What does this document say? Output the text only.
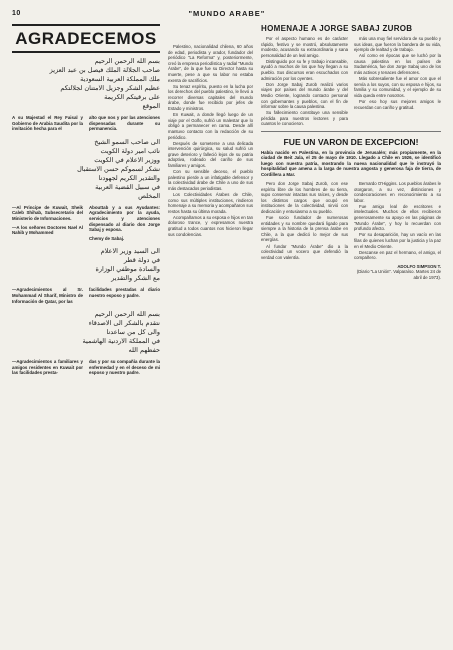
10	"MUNDO ARABE"
AGRADECEMOS

بسم الله الرحمن الرحيم

صاحب الجلالة الملك فيصل بن عبد العزيز

ملك المملكة العربية السعودية

عظيم الشكر وجزيل الامتنان لجلالتكم

على برقيتكم الكريمة

الموقع

A su Majestad el Rey Faisal y Gobierno de Arabia Saudita por la invitación hecha para el
alto que nos y por las atenciones dispensadas durante su permanencia.

الى صاحب السمو الشيخ

نائب امير دولة الكويت

ووزير الاعلام في الكويت

نشكر لسموكم حسن الاستقبال

والتقدير الكريم لجهودنا

في سبيل القضية العربية

المخلص

—Al Principe de Kuwait, Sheik Caleb Shihab, Subsecretario del Ministerio de Informaciones.
—A los señores Doctores Nael Al Nahib y Mohammed
Abouttab y a sus Ayudantes: Agradecimiento por la ayuda, servicios y atenciones dispensado al diario don Jorge Sabaj y esposa.
Chemy de Sabaj.

الى السيد وزير الاعلام

في دولة قطر

والسادة موظفي الوزارة

مع الشكر والتقدير

—Agradecimientos al Sr. Mohammad Al Sharif, Ministro de Información de Qatar, por las
facilidades prestadas al diario nuestro esposo y padre.

بسم الله الرحمن الرحيم

نتقدم بالشكر الى الاصدقاء

والى كل من ساعدنا

في المملكة الاردنية الهاشمية

حفظهم الله

—Agradecimientos a familiares y amigos residentes en Kuwait por las facilidades presta-
das y por su compañía durante la enfermedad y en el deceso de mi esposo y nuestro padre.

Palestino, nacionalidad chilena, 60 años de edad, periodista y orador, fundador del periódico "La Reforma" y, posteriormente, creó la empresa periodística y radial "Mundo Árabe", de la que fue su Director hasta su muerte, pese a que su labor no estaba exenta de sacrificios.

Su tenaz espíritu, puesto en la lucha por los derechos del pueblo palestino, le llevó a recorrer diversas capitales del mundo árabe, donde fue recibido por jefes de Estado y ministros.

En Kuwait, a donde llegó luego de un viaje por el Golfo, sufrió un malestar que lo obligó a permanecer en cama. Desde allí mantuvo contacto con la redacción de su periódico.

Después de someterse a una delicada intervención quirúrgica, su salud sufrió un grave deterioro y falleció lejos de su patria adoptiva, rodeado del cariño de sus familiares y amigos.

Con su sensible deceso, el pueblo palestino pierde a un infatigable defensor y la colectividad árabe de Chile a uno de sus más destacados periodistas.

Los Colectividades Árabes de Chile, como sus múltiples instituciones, rindieron homenaje a su memoria y acompañaron sus restos hasta su última morada.

Acompañamos a su esposa e hijos en tan doloroso trance, y expresamos nuestra gratitud a todos cuantos nos hicieron llegar sus condolencias.

HOMENAJE A JORGE SABAJ ZUROB

Por el aspecto humano es de carácter rápido, festivo y se mostró, absolutamente modesto, acusando su extraordinaria y sana personalidad de un leal amigo.

Distinguido por su fe y trabajo incansable, ayudó a muchos de los que hoy llegan a su pueblo. Sus discursos eran escuchados con admiración por los oyentes.

Don Jorge Sabaj Zurob realizó varios viajes por países del mundo árabe y del Medio Oriente, logrando contacto personal con gobernantes y pueblos, con el fin de informar sobre la causa palestina.

Su fallecimiento constituye una sensible pérdida para nuestros lectores y para cuantos le conocieron.

más una muy fiel servidora de su pueblo y sus ideas, que fueron la bandera de su vida, ejemplo de lealtad y de trabajo.

Así como en épocas que se luchó por la causa palestina en los países de Sudamérica, fue don Jorge Sabaj uno de los más activos y tenaces defensores.

Más sobresaliente fue el amor con que el servía a los suyos, con su esposa e hijos, su familia y su comunidad, y el ejemplo de su vida queda entre nosotros.

Por eso hoy sus mejores amigos le recuerdan con cariño y gratitud.

FUE UN VARON DE EXCEPCION!
Había nacido en Palestina, en la provincia de Jerusalén; más propiamente, en la ciudad de Beit Jala, el 25 de mayo de 1910. Llegado a Chile en 1926, se identificó luego con nuestra patria, mostrando la nueva nacionalidad que le instruyó la hospitalidad que amena a la larga de nuestra angosta y generosa faja de tierra, de Cordillera a Mar.

Pero don Jorge Sabaj Zurob, con ese espíritu libre de los hombres de su tierra, supo conservar intactas sus raíces, y desde los distintos cargos que ocupó en instituciones de la colectividad, sirvió con dedicación y entusiasmo a su pueblo.

Fue socio fundador de numerosas entidades y su nombre quedará ligado para siempre a la historia de la prensa árabe en Chile, a la que dedicó lo mejor de sus energías.

Al fundar "Mundo Árabe" dio a la colectividad un vocero que defendió la verdad con valentía.

Bernardo O'Higgins. Los pueblos árabes le otorgaron, a su vez, distinciones y condecoraciones en reconocimiento a su labor.

Fue amigo leal de escritores e intelectuales. Muchos de ellos recibieron generosamente su apoyo en las páginas de "Mundo Árabe", y hoy lo recuerdan con profundo afecto.

Por su desaparición, hay un vacío en las filas de quienes luchan por la justicia y la paz en el Medio Oriente.

Descanse en paz el hermano, el amigo, el compañero.

ADOLFO SIMPSON T.
(Diario "La Unión". Valparaíso. Martes 24 de abril de 1973).
